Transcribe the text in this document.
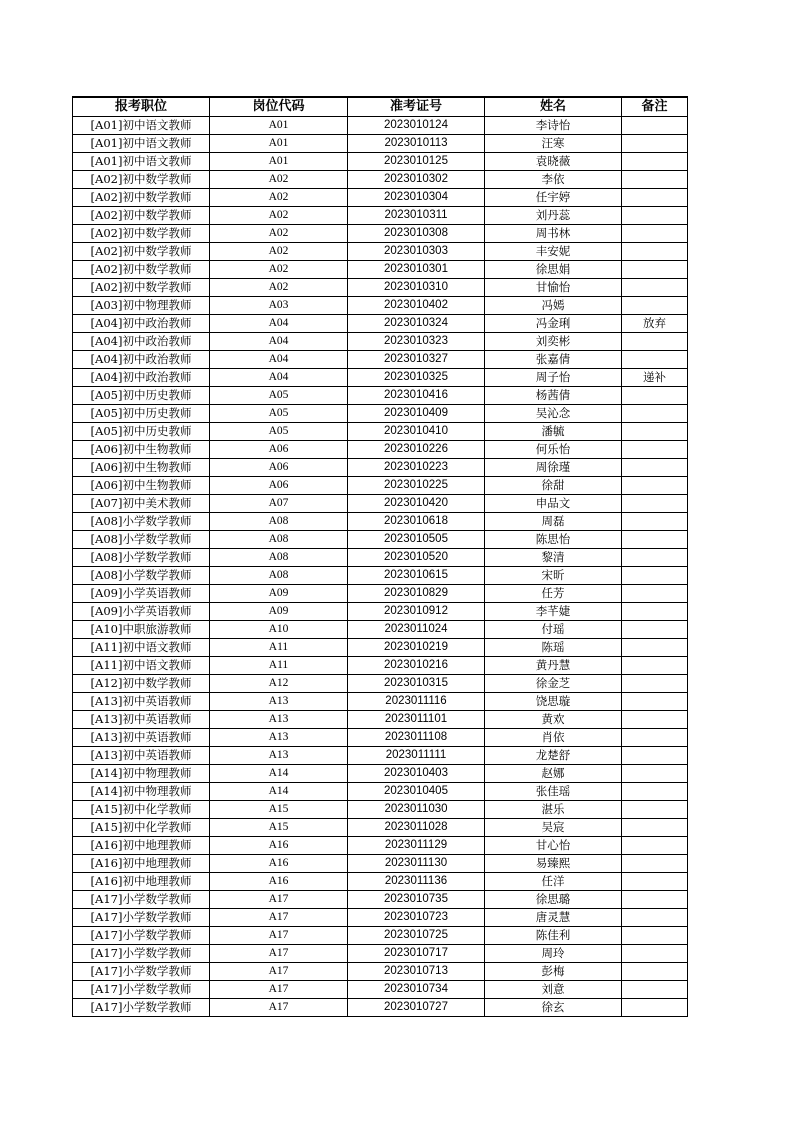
报考职位	岗位代码	准考证号	姓名	备注
[A01]初中语文教师	A01	2023010124	李诗怡	
[A01]初中语文教师	A01	2023010113	汪寒	
[A01]初中语文教师	A01	2023010125	袁晓薇	
[A02]初中数学教师	A02	2023010302	李依	
[A02]初中数学教师	A02	2023010304	任宇婷	
[A02]初中数学教师	A02	2023010311	刘丹蕊	
[A02]初中数学教师	A02	2023010308	周书林	
[A02]初中数学教师	A02	2023010303	丰安妮	
[A02]初中数学教师	A02	2023010301	徐思娟	
[A02]初中数学教师	A02	2023010310	甘愉怡	
[A03]初中物理教师	A03	2023010402	冯嫣	
[A04]初中政治教师	A04	2023010324	冯金琍	放弃
[A04]初中政治教师	A04	2023010323	刘奕彬	
[A04]初中政治教师	A04	2023010327	张嘉倩	
[A04]初中政治教师	A04	2023010325	周子怡	递补
[A05]初中历史教师	A05	2023010416	杨茜倩	
[A05]初中历史教师	A05	2023010409	吴沁念	
[A05]初中历史教师	A05	2023010410	潘毓	
[A06]初中生物教师	A06	2023010226	何乐怡	
[A06]初中生物教师	A06	2023010223	周徐瑾	
[A06]初中生物教师	A06	2023010225	徐甜	
[A07]初中美术教师	A07	2023010420	申品文	
[A08]小学数学教师	A08	2023010618	周磊	
[A08]小学数学教师	A08	2023010505	陈思怡	
[A08]小学数学教师	A08	2023010520	黎清	
[A08]小学数学教师	A08	2023010615	宋昕	
[A09]小学英语教师	A09	2023010829	任芳	
[A09]小学英语教师	A09	2023010912	李芊婕	
[A10]中职旅游教师	A10	2023011024	付瑶	
[A11]初中语文教师	A11	2023010219	陈瑶	
[A11]初中语文教师	A11	2023010216	黄丹慧	
[A12]初中数学教师	A12	2023010315	徐金芝	
[A13]初中英语教师	A13	2023011116	饶思璇	
[A13]初中英语教师	A13	2023011101	黄欢	
[A13]初中英语教师	A13	2023011108	肖依	
[A13]初中英语教师	A13	2023011111	龙楚舒	
[A14]初中物理教师	A14	2023010403	赵娜	
[A14]初中物理教师	A14	2023010405	张佳瑶	
[A15]初中化学教师	A15	2023011030	湛乐	
[A15]初中化学教师	A15	2023011028	吴宸	
[A16]初中地理教师	A16	2023011129	甘心怡	
[A16]初中地理教师	A16	2023011130	易臻熙	
[A16]初中地理教师	A16	2023011136	任洋	
[A17]小学数学教师	A17	2023010735	徐思璐	
[A17]小学数学教师	A17	2023010723	唐灵慧	
[A17]小学数学教师	A17	2023010725	陈佳利	
[A17]小学数学教师	A17	2023010717	周玲	
[A17]小学数学教师	A17	2023010713	彭梅	
[A17]小学数学教师	A17	2023010734	刘意	
[A17]小学数学教师	A17	2023010727	徐玄	
